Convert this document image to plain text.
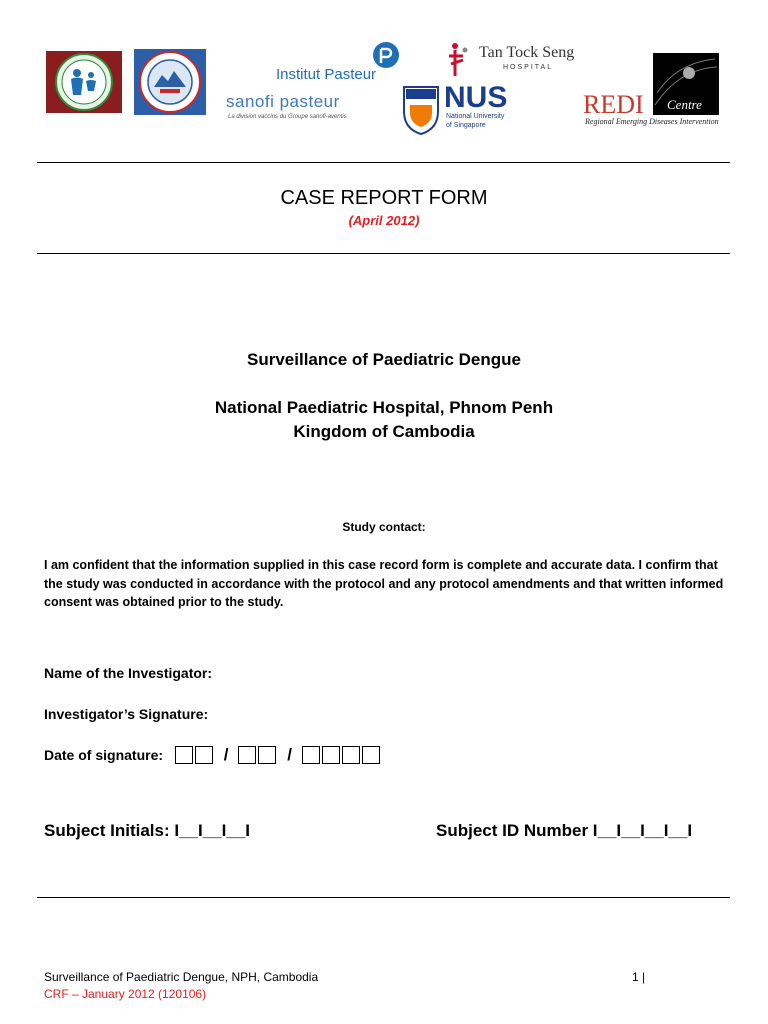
Institut Pasteur
sanofi pasteur
La division vaccins du Groupe sanofi-aventis
Tan Tock Seng
HOSPITAL
NUS
National University
of Singapore
Centre
REDI
Regional Emerging Diseases Intervention
CASE REPORT FORM
(April 2012)
Surveillance of Paediatric Dengue
National Paediatric Hospital, Phnom Penh
Kingdom of Cambodia
Study contact:
I am confident that the information supplied in this case record form is complete and accurate data. I confirm that the study was conducted in accordance with the protocol and any protocol amendments and that written informed consent was obtained prior to the study.
Name of the Investigator:
Investigator’s Signature:
Date of signature:	/	/
Subject Initials: I__I__I__I	Subject ID Number I__I__I__I__I
Surveillance of Paediatric Dengue, NPH, Cambodia	1 |
CRF – January 2012 (120106)
